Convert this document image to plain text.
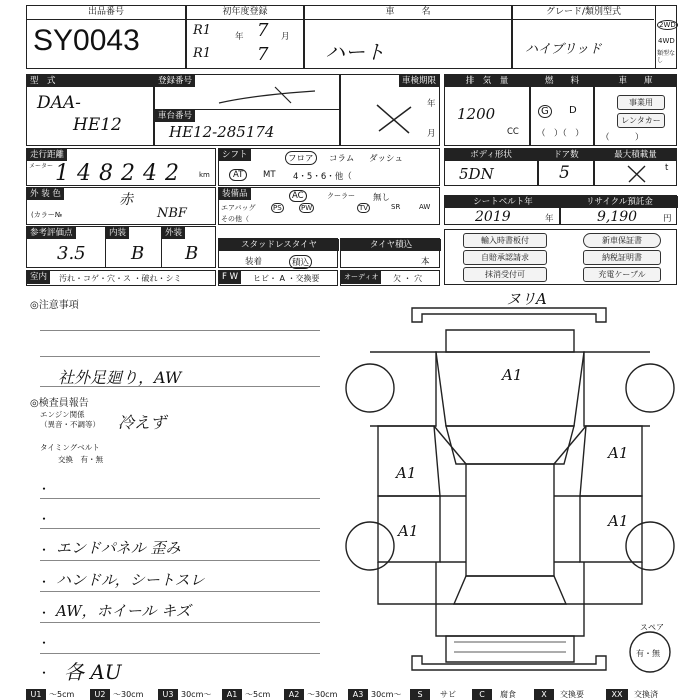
出品番号
SY0043
初年度登録
R1	年 7 月
R1	7
車　　　名
ハート
グレード/類別型式
ハイブリッド
2WD
4WD
類型なし
型　式
DAA-
HE12
登録番号
車台番号
HE12-285174
車検期限
年
月
排　気　量
1200
CC
燃　　料
G	D
（　）（　）
車　　庫
事業用
レンタカー
（　　　）
走行距離
メーター 148242 km
シフト	フロア	コラム ダッシュ
AT	MT 4・5・6・他（
ボディ形状
5DN
ドア数
5
最大積載量
t
外 装 色	赤
(カラー№	NBF
装備品	AC	クーラー 無し
エアバッグ	PS	PW	TV	SR	AW
その他（
シートベルト年
2019	年
リサイクル預託金
9,190	円
参考評価点
3.5
内装
B
外装
B	スタッドレスタイヤ
装着	積込
タイヤ積込
本
輸入時書板付	新車保証書
自賠承認請求	納税証明書
抹消受付可	充電ケーブル
室内	汚れ・コゲ・穴・ス ・破れ・シミ	F W	ヒビ・ A ・交換要	オーディオ	欠 ・ 穴
◎注意事項
社外足廻り，AW
◎検査員報告
エンジン関係
（異音・不調等） 冷えず
タイミングベルト
交換　有・無
・
・
・ エンドパネル 歪み
・ ハンドル，シートスレ
・ AW，ホイール キズ
・
・ 各 AU
ヌリA
A1
A1
A1
A1
A1
スペア
有・無
U1 ～5cm	U2 ～30cm	U3 30cm～	A1 ～5cm	A2 ～30cm	A3 30cm～	S	サビ	C	腐食	X	交換要	XX	交換済
